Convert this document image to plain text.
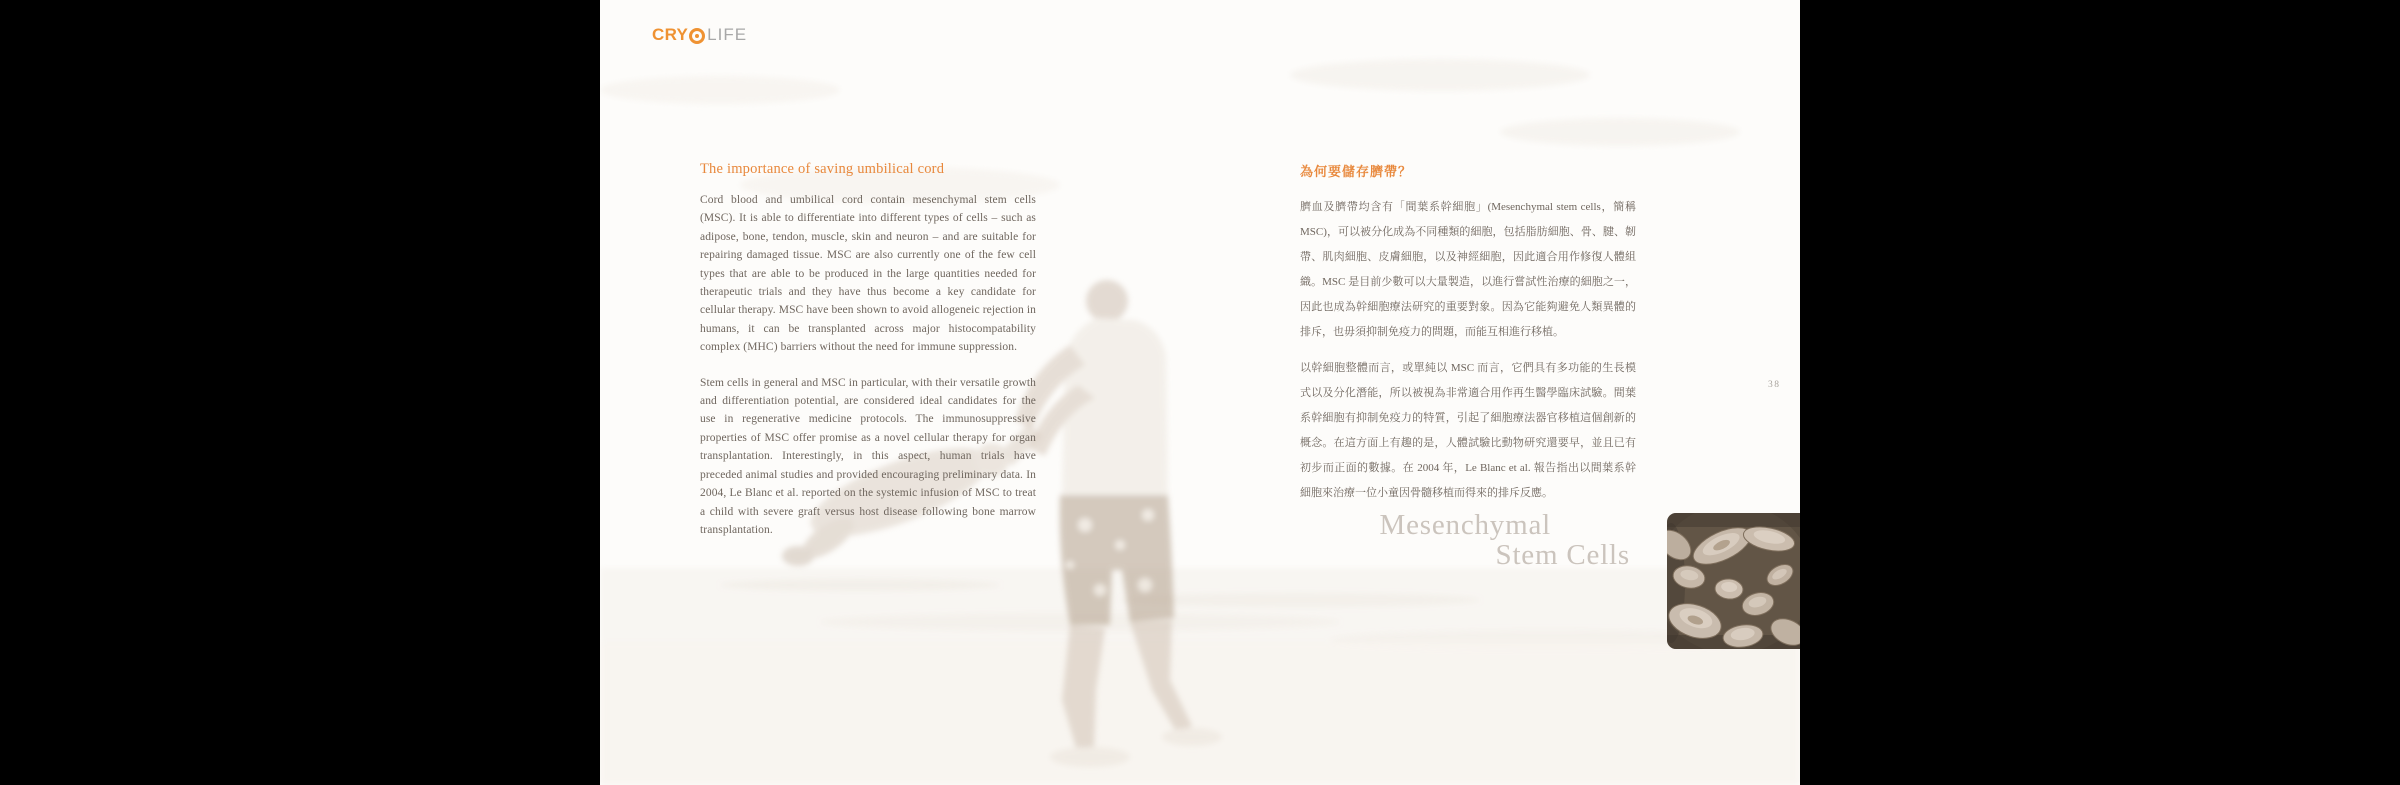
CRY LIFE
The importance of saving umbilical cord

Cord blood and umbilical cord contain mesenchymal stem cells (MSC). It is able to differentiate into different types of cells – such as adipose, bone, tendon, muscle, skin and neuron – and are suitable for repairing damaged tissue. MSC are also currently one of the few cell types that are able to be produced in the large quantities needed for therapeutic trials and they have thus become a key candidate for cellular therapy. MSC have been shown to avoid allogeneic rejection in humans, it can be transplanted across major histocompatability complex (MHC) barriers without the need for immune suppression.

Stem cells in general and MSC in particular, with their versatile growth and differentiation potential, are considered ideal candidates for the use in regenerative medicine protocols. The immunosuppressive properties of MSC offer promise as a novel cellular therapy for organ transplantation. Interestingly, in this aspect, human trials have preceded animal studies and provided encouraging preliminary data. In 2004, Le Blanc et al. reported on the systemic infusion of MSC to treat a child with severe graft versus host disease following bone marrow transplantation.

為何要儲存臍帶？

臍血及臍帶均含有「間葉系幹細胞」(Mesenchymal stem cells，簡稱 MSC)，可以被分化成為不同種類的細胞，包括脂肪細胞、骨、腱、韌帶、肌肉細胞、皮膚細胞，以及神經細胞，因此適合用作修復人體組織。MSC 是目前少數可以大量製造，以進行嘗試性治療的細胞之一，因此也成為幹細胞療法研究的重要對象。因為它能夠避免人類異體的排斥，也毋須抑制免疫力的問題，而能互相進行移植。

以幹細胞整體而言，或單純以 MSC 而言，它們具有多功能的生長模式以及分化潛能，所以被視為非常適合用作再生醫學臨床試驗。間葉系幹細胞有抑制免疫力的特質，引起了細胞療法器官移植這個創新的概念。在這方面上有趣的是，人體試驗比動物研究還要早，並且已有初步而正面的數據。在 2004 年，Le Blanc et al. 報告指出以間葉系幹細胞來治療一位小童因骨髓移植而得來的排斥反應。

Mesenchymal
Stem Cells
38
